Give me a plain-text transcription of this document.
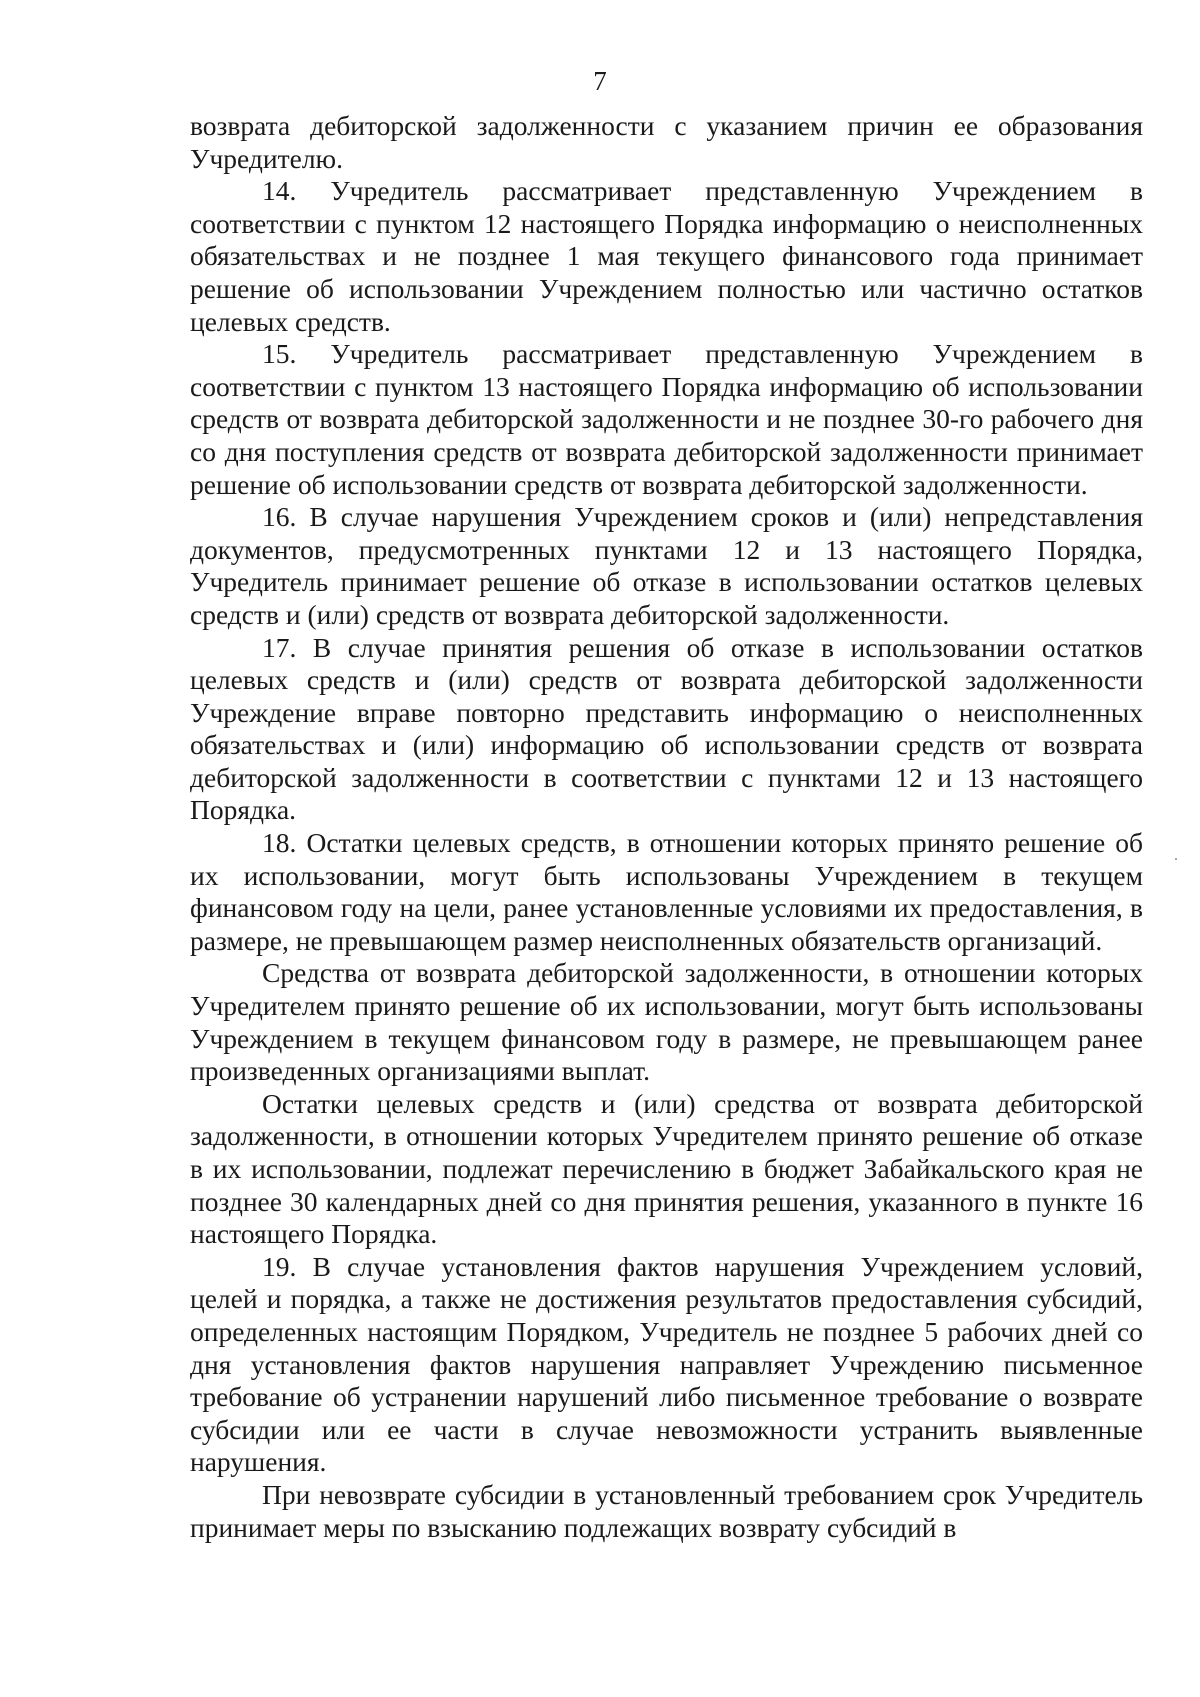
7

возврата дебиторской задолженности с указанием причин ее образования Учредителю.

14. Учредитель рассматривает представленную Учреждением в соответствии с пунктом 12 настоящего Порядка информацию о неисполненных обязательствах и не позднее 1 мая текущего финансового года принимает решение об использовании Учреждением полностью или частично остатков целевых средств.

15. Учредитель рассматривает представленную Учреждением в соответствии с пунктом 13 настоящего Порядка информацию об использовании средств от возврата дебиторской задолженности и не позднее 30-го рабочего дня со дня поступления средств от возврата дебиторской задолженности принимает решение об использовании средств от возврата дебиторской задолженности.

16. В случае нарушения Учреждением сроков и (или) непредставления документов, предусмотренных пунктами 12 и 13 настоящего Порядка, Учредитель принимает решение об отказе в использовании остатков целевых средств и (или) средств от возврата дебиторской задолженности.

17. В случае принятия решения об отказе в использовании остатков целевых средств и (или) средств от возврата дебиторской задолженности Учреждение вправе повторно представить информацию о неисполненных обязательствах и (или) информацию об использовании средств от возврата дебиторской задолженности в соответствии с пунктами 12 и 13 настоящего Порядка.

18. Остатки целевых средств, в отношении которых принято решение об их использовании, могут быть использованы Учреждением в текущем финансовом году на цели, ранее установленные условиями их предоставления, в размере, не превышающем размер неисполненных обязательств организаций.

Средства от возврата дебиторской задолженности, в отношении которых Учредителем принято решение об их использовании, могут быть использованы Учреждением в текущем финансовом году в размере, не превышающем ранее произведенных организациями выплат.

Остатки целевых средств и (или) средства от возврата дебиторской задолженности, в отношении которых Учредителем принято решение об отказе в их использовании, подлежат перечислению в бюджет Забайкальского края не позднее 30 календарных дней со дня принятия решения, указанного в пункте 16 настоящего Порядка.

19. В случае установления фактов нарушения Учреждением условий, целей и порядка, а также не достижения результатов предоставления субсидий, определенных настоящим Порядком, Учредитель не позднее 5 рабочих дней со дня установления фактов нарушения направляет Учреждению письменное требование об устранении нарушений либо письменное требование о возврате субсидии или ее части в случае невозможности устранить выявленные нарушения.

При невозврате субсидии в установленный требованием срок Учредитель принимает меры по взысканию подлежащих возврату субсидий в
